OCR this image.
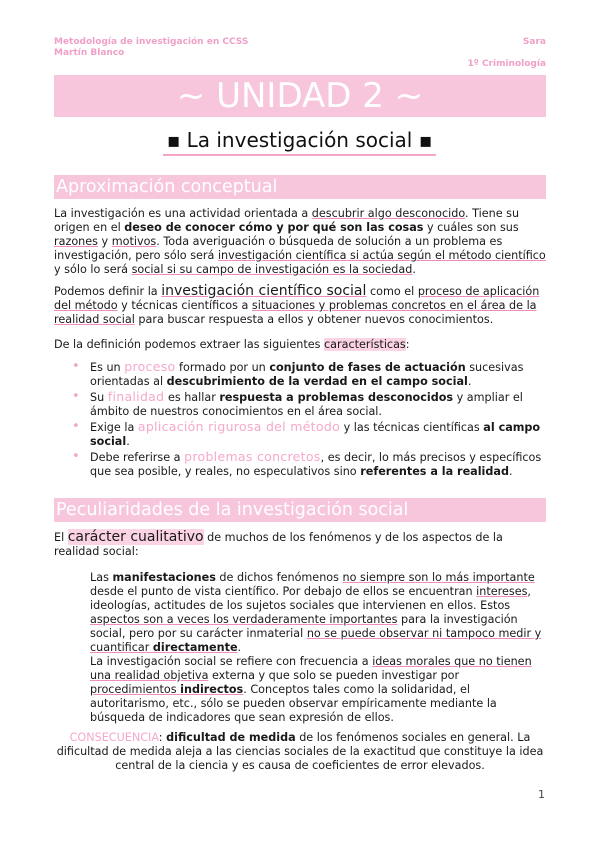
Metodología de investigación en CCSS
Martín Blanco
Sara
1º Criminología
~ UNIDAD 2 ~
▪ La investigación social ▪
Aproximación conceptual
La investigación es una actividad orientada a descubrir algo desconocido. Tiene su origen en el deseo de conocer cómo y por qué son las cosas y cuáles son sus razones y motivos. Toda averiguación o búsqueda de solución a un problema es investigación, pero sólo será investigación científica si actúa según el método científico y sólo lo será social si su campo de investigación es la sociedad.
Podemos definir la investigación científico social como el proceso de aplicación del método y técnicas científicos a situaciones y problemas concretos en el área de la realidad social para buscar respuesta a ellos y obtener nuevos conocimientos.
De la definición podemos extraer las siguientes características:
• Es un proceso formado por un conjunto de fases de actuación sucesivas orientadas al descubrimiento de la verdad en el campo social.
• Su finalidad es hallar respuesta a problemas desconocidos y ampliar el ámbito de nuestros conocimientos en el área social.
• Exige la aplicación rigurosa del método y las técnicas científicas al campo social.
• Debe referirse a problemas concretos, es decir, lo más precisos y específicos que sea posible, y reales, no especulativos sino referentes a la realidad.
Peculiaridades de la investigación social
El carácter cualitativo de muchos de los fenómenos y de los aspectos de la realidad social:
Las manifestaciones de dichos fenómenos no siempre son lo más importante desde el punto de vista científico. Por debajo de ellos se encuentran intereses, ideologías, actitudes de los sujetos sociales que intervienen en ellos. Estos aspectos son a veces los verdaderamente importantes para la investigación social, pero por su carácter inmaterial no se puede observar ni tampoco medir y cuantificar directamente.
La investigación social se refiere con frecuencia a ideas morales que no tienen una realidad objetiva externa y que solo se pueden investigar por procedimientos indirectos. Conceptos tales como la solidaridad, el autoritarismo, etc., sólo se pueden observar empíricamente mediante la búsqueda de indicadores que sean expresión de ellos.
CONSECUENCIA: dificultad de medida de los fenómenos sociales en general. La dificultad de medida aleja a las ciencias sociales de la exactitud que constituye la idea central de la ciencia y es causa de coeficientes de error elevados.
1
